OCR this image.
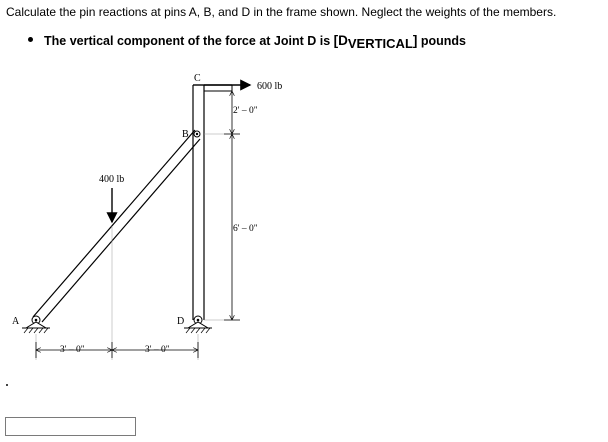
Calculate the pin reactions at pins A, B, and D in the frame shown. Neglect the weights of the members.
The vertical component of the force at Joint D is $[D_{VERTICAL}]$ pounds
600 lb
B
C
A	D
400 lb
3' – 0"	3' – 0"
2' – 0"
6' – 0"
